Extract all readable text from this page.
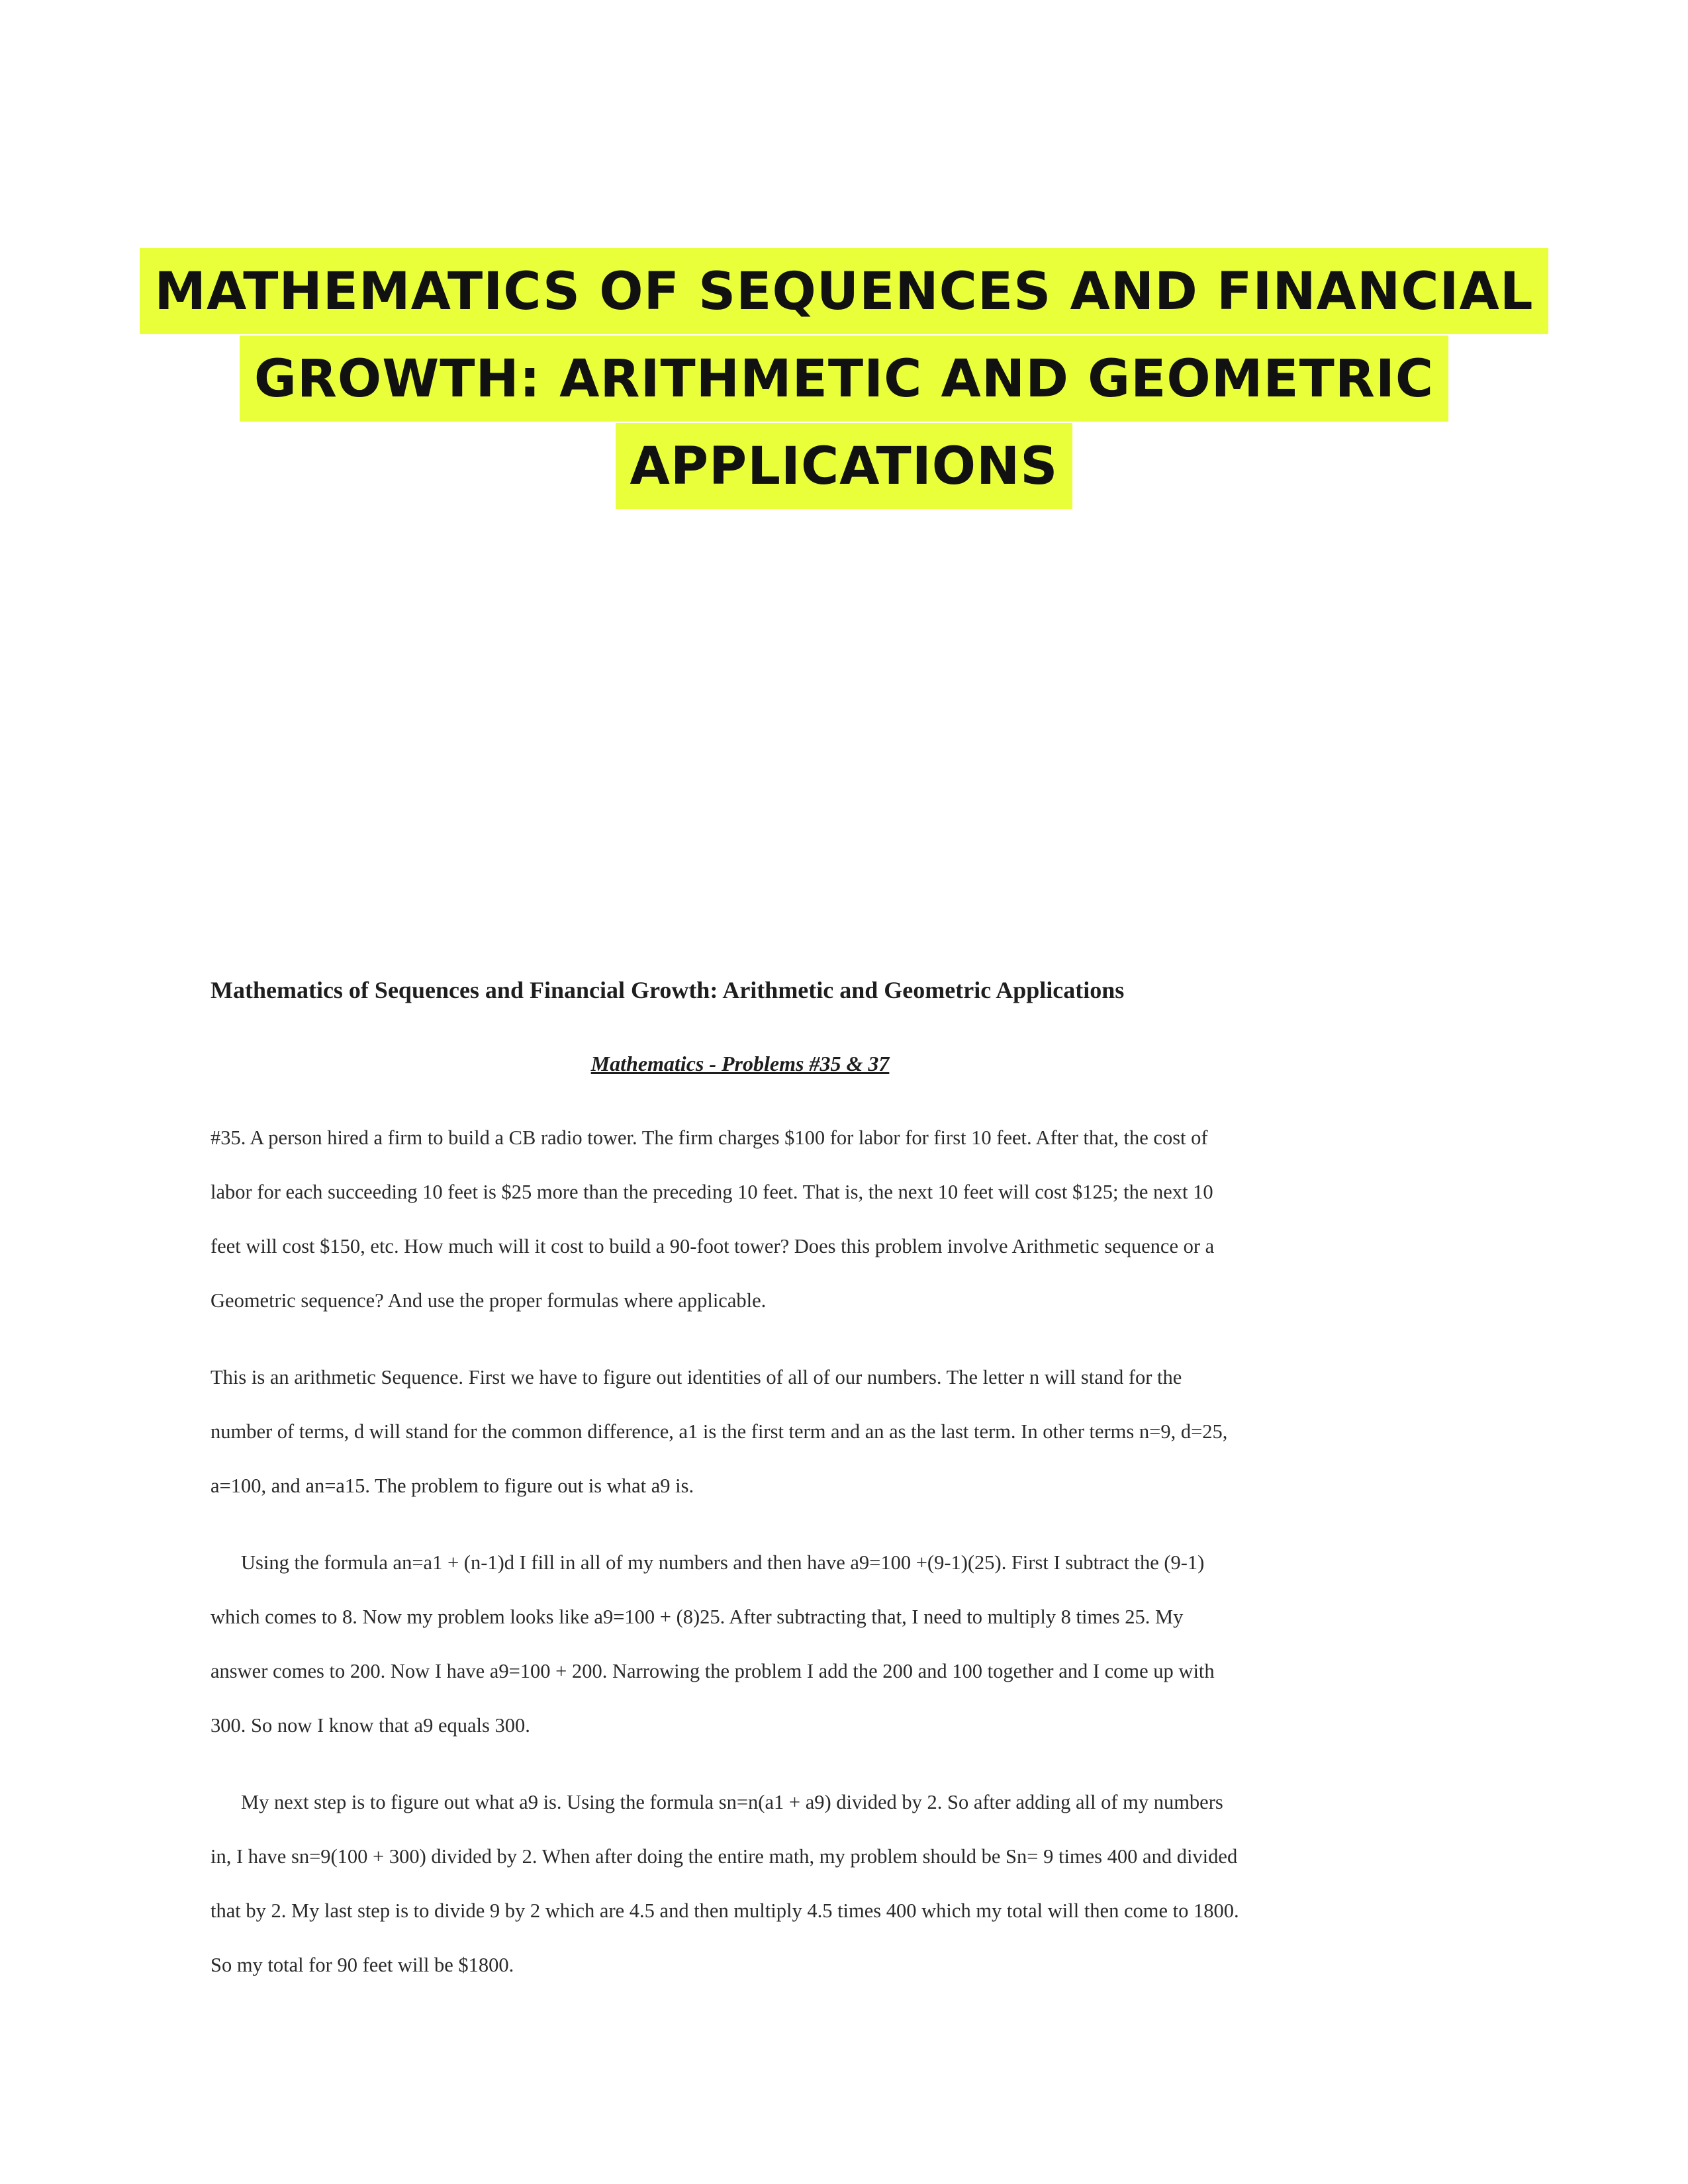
MATHEMATICS OF SEQUENCES AND FINANCIAL
GROWTH: ARITHMETIC AND GEOMETRIC
APPLICATIONS

Mathematics of Sequences and Financial Growth: Arithmetic and Geometric Applications

Mathematics - Problems #35 & 37

#35. A person hired a firm to build a CB radio tower. The firm charges $100 for labor for first 10 feet. After that, the cost of labor for each succeeding 10 feet is $25 more than the preceding 10 feet. That is, the next 10 feet will cost $125; the next 10 feet will cost $150, etc. How much will it cost to build a 90-foot tower? Does this problem involve Arithmetic sequence or a Geometric sequence? And use the proper formulas where applicable.

This is an arithmetic Sequence. First we have to figure out identities of all of our numbers. The letter n will stand for the number of terms, d will stand for the common difference, a1 is the first term and an as the last term. In other terms n=9, d=25, a=100, and an=a15. The problem to figure out is what a9 is.

Using the formula an=a1 + (n-1)d I fill in all of my numbers and then have a9=100 +(9-1)(25). First I subtract the (9-1) which comes to 8. Now my problem looks like a9=100 + (8)25. After subtracting that, I need to multiply 8 times 25. My answer comes to 200. Now I have a9=100 + 200. Narrowing the problem I add the 200 and 100 together and I come up with 300. So now I know that a9 equals 300.

My next step is to figure out what a9 is. Using the formula sn=n(a1 + a9) divided by 2. So after adding all of my numbers in, I have sn=9(100 + 300) divided by 2. When after doing the entire math, my problem should be Sn= 9 times 400 and divided that by 2. My last step is to divide 9 by 2 which are 4.5 and then multiply 4.5 times 400 which my total will then come to 1800. So my total for 90 feet will be $1800.
